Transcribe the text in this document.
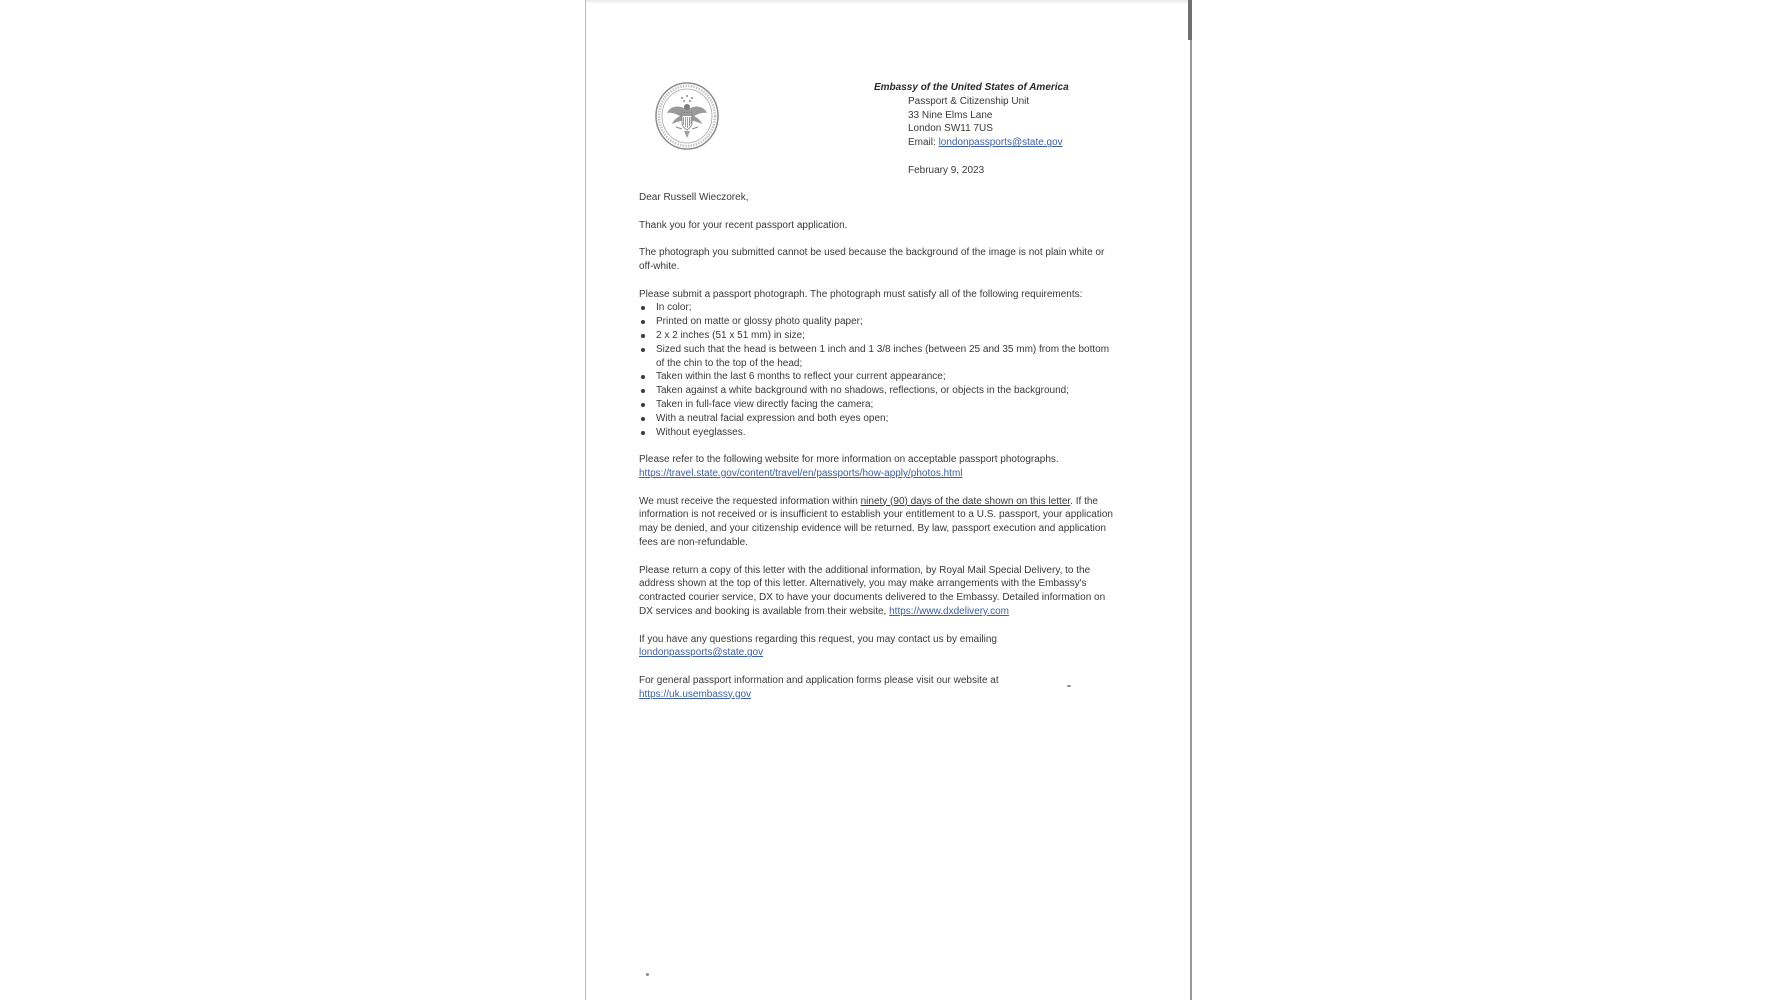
Embassy of the United States of America
Passport & Citizenship Unit
33 Nine Elms Lane
London SW11 7US
Email: londonpassports@state.gov
February 9, 2023

Dear Russell Wieczorek,

Thank you for your recent passport application.

The photograph you submitted cannot be used because the background of the image is not plain white or off-white.

Please submit a passport photograph. The photograph must satisfy all of the following requirements:
In color;
Printed on matte or glossy photo quality paper;
2 x 2 inches (51 x 51 mm) in size;
Sized such that the head is between 1 inch and 1 3/8 inches (between 25 and 35 mm) from the bottom of the chin to the top of the head;
Taken within the last 6 months to reflect your current appearance;
Taken against a white background with no shadows, reflections, or objects in the background;
Taken in full-face view directly facing the camera;
With a neutral facial expression and both eyes open;
Without eyeglasses.

Please refer to the following website for more information on acceptable passport photographs.
https://travel.state.gov/content/travel/en/passports/how-apply/photos.html

We must receive the requested information within ninety (90) days of the date shown on this letter. If the information is not received or is insufficient to establish your entitlement to a U.S. passport, your application may be denied, and your citizenship evidence will be returned. By law, passport execution and application fees are non-refundable.

Please return a copy of this letter with the additional information, by Royal Mail Special Delivery, to the address shown at the top of this letter. Alternatively, you may make arrangements with the Embassy's contracted courier service, DX to have your documents delivered to the Embassy. Detailed information on DX services and booking is available from their website, https://www.dxdelivery.com

If you have any questions regarding this request, you may contact us by emailing
londonpassports@state.gov

For general passport information and application forms please visit our website at
https://uk.usembassy.gov
